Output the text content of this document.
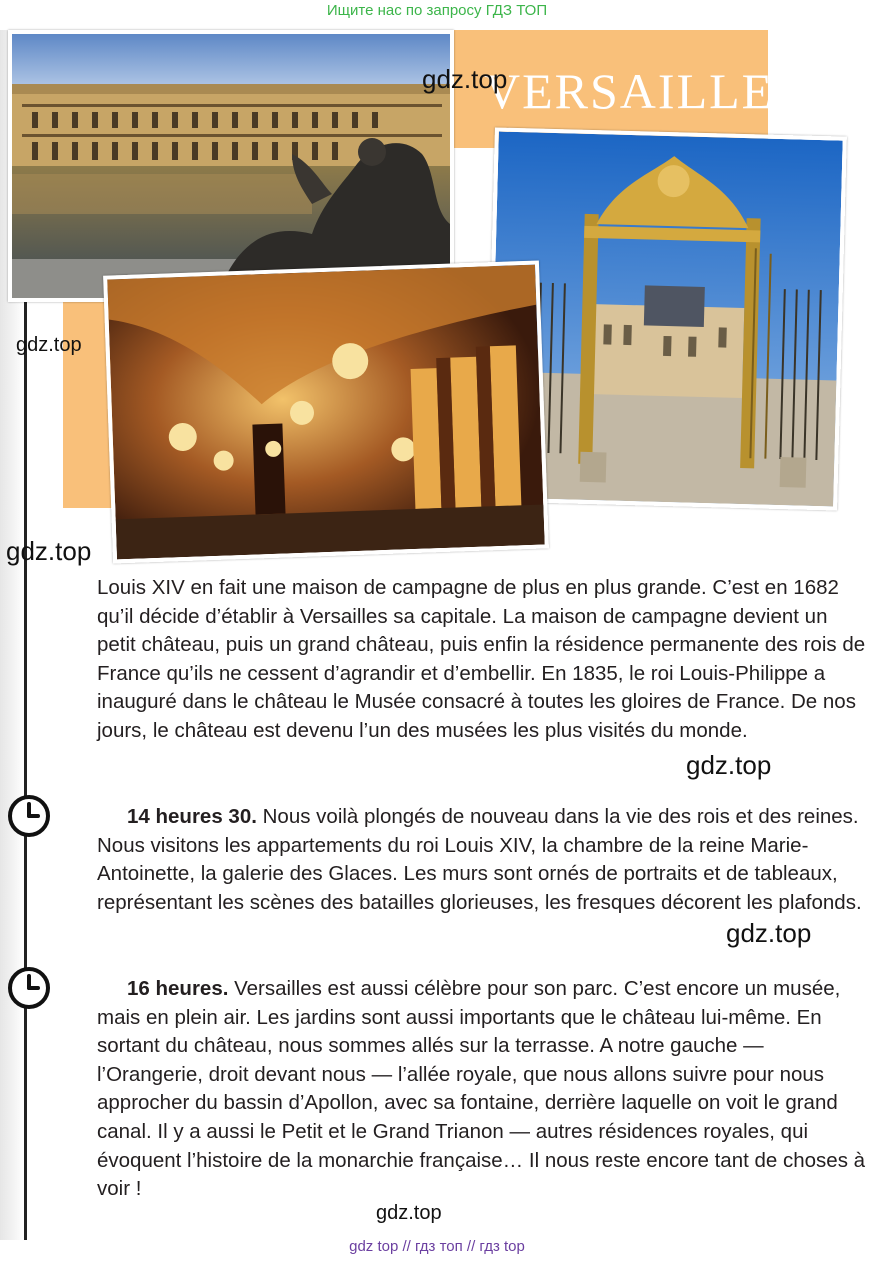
Ищите нас по запросу ГДЗ ТОП
VERSAILLES
gdz.top
gdz.top
gdz.top

Louis XIV en fait une maison de campagne de plus en plus grande. C’est en 1682 qu’il décide d’établir à Versailles sa capitale. La maison de campagne devient un petit château, puis un grand château, puis enfin la résidence permanente des rois de France qu’ils ne cessent d’agrandir et d’embellir. En 1835, le roi Louis-Philippe a inauguré dans le château le Musée consacré à toutes les gloires de France. De nos jours, le château est devenu l’un des musées les plus visités du monde.

gdz.top

14 heures 30. Nous voilà plongés de nouveau dans la vie des rois et des reines. Nous visitons les appartements du roi Louis XIV, la chambre de la reine Marie-Antoinette, la galerie des Glaces. Les murs sont ornés de portraits et de tableaux, représentant les scènes des batailles glorieuses, les fresques décorent les plafonds.

gdz.top

16 heures. Versailles est aussi célèbre pour son parc. C’est encore un musée, mais en plein air. Les jardins sont aussi importants que le château lui-même. En sortant du château, nous sommes allés sur la terrasse. A notre gauche — l’Orangerie, droit devant nous — l’allée royale, que nous allons suivre pour nous approcher du bassin d’Apollon, avec sa fontaine, derrière laquelle on voit le grand canal. Il y a aussi le Petit et le Grand Trianon — autres résidences royales, qui évoquent l’histoire de la monarchie française… Il nous reste encore tant de choses à voir !

gdz.top
gdz top // гдз топ // гдз top
